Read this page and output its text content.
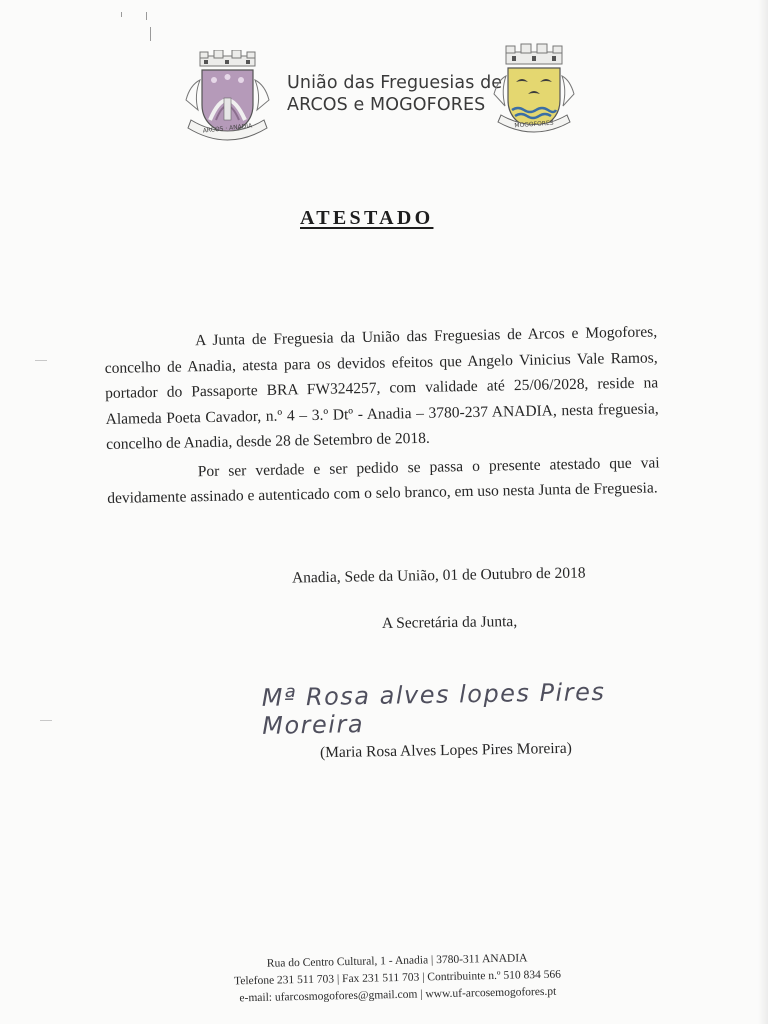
ARCOS · ANADIA
União das Freguesias de
ARCOS e MOGOFORES
MOGOFORES
ATESTADO

A Junta de Freguesia da União das Freguesias de Arcos e Mogofores, concelho de Anadia, atesta para os devidos efeitos que Angelo Vinicius Vale Ramos, portador do Passaporte BRA FW324257, com validade até 25/06/2028, reside na Alameda Poeta Cavador, n.º 4 – 3.º Dtº - Anadia – 3780-237 ANADIA, nesta freguesia, concelho de Anadia, desde 28 de Setembro de 2018.

Por ser verdade e ser pedido se passa o presente atestado que vai devidamente assinado e autenticado com o selo branco, em uso nesta Junta de Freguesia.

Anadia, Sede da União, 01 de Outubro de 2018
A Secretária da Junta,
Mª Rosa alves lopes Pires Moreira
(Maria Rosa Alves Lopes Pires Moreira)
Rua do Centro Cultural, 1 - Anadia | 3780-311 ANADIA
Telefone 231 511 703 | Fax 231 511 703 | Contribuinte n.º 510 834 566
e-mail: ufarcosmogofores@gmail.com | www.uf-arcosemogofores.pt
